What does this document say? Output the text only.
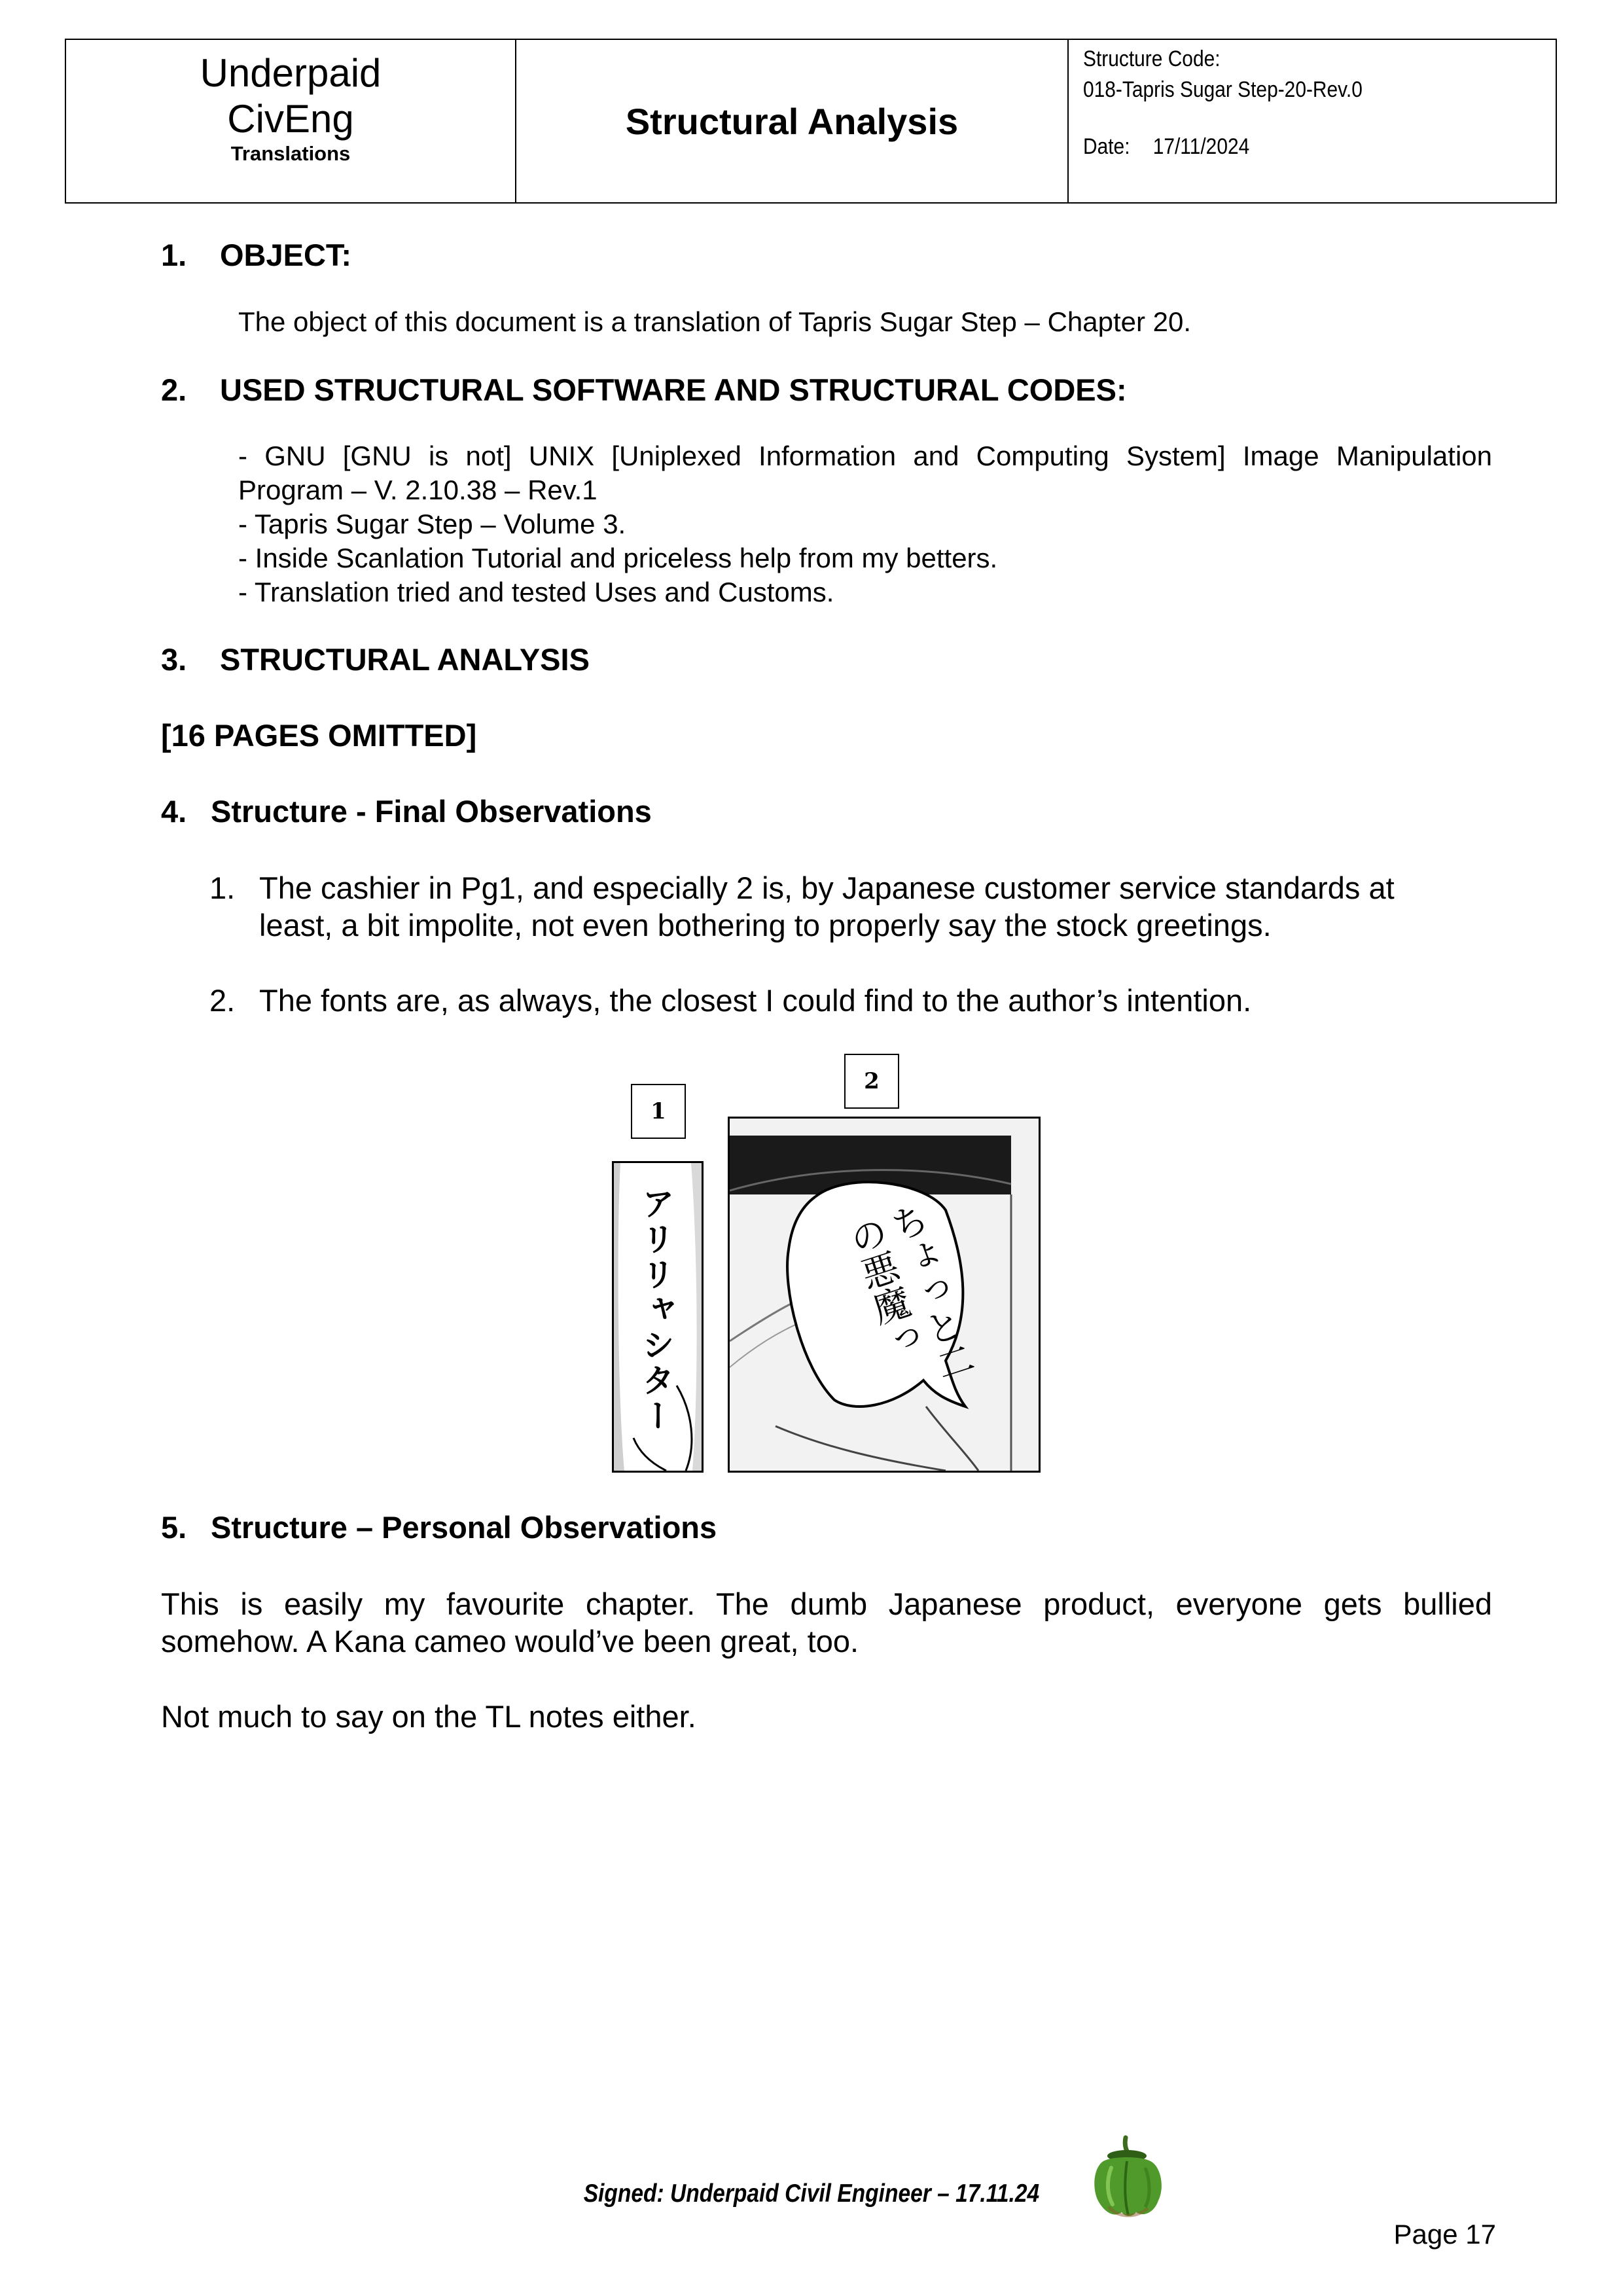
Underpaid
CivEng
Translations
Structural Analysis
Structure Code:
018-Tapris Sugar Step-20-Rev.0
Date: 17/11/2024
1. OBJECT:
The object of this document is a translation of Tapris Sugar Step – Chapter 20.
2. USED STRUCTURAL SOFTWARE AND STRUCTURAL CODES:
- GNU [GNU is not] UNIX [Uniplexed Information and Computing System] Image Manipulation
Program – V. 2.10.38 – Rev.1
- Tapris Sugar Step – Volume 3.
- Inside Scanlation Tutorial and priceless help from my betters.
- Translation tried and tested Uses and Customs.
3. STRUCTURAL ANALYSIS
[16 PAGES OMITTED]
4. Structure - Final Observations
1. The cashier in Pg1, and especially 2 is, by Japanese customer service standards at
least, a bit impolite, not even bothering to properly say the stock greetings.
2. The fonts are, as always, the closest I could find to the author’s intention.
1
2
アリリャシター	ちょっと二の悪魔っ
5. Structure – Personal Observations
This is easily my favourite chapter. The dumb Japanese product, everyone gets bullied
somehow. A Kana cameo would’ve been great, too.
Not much to say on the TL notes either.
Signed: Underpaid Civil Engineer – 17.11.24
Page 17
